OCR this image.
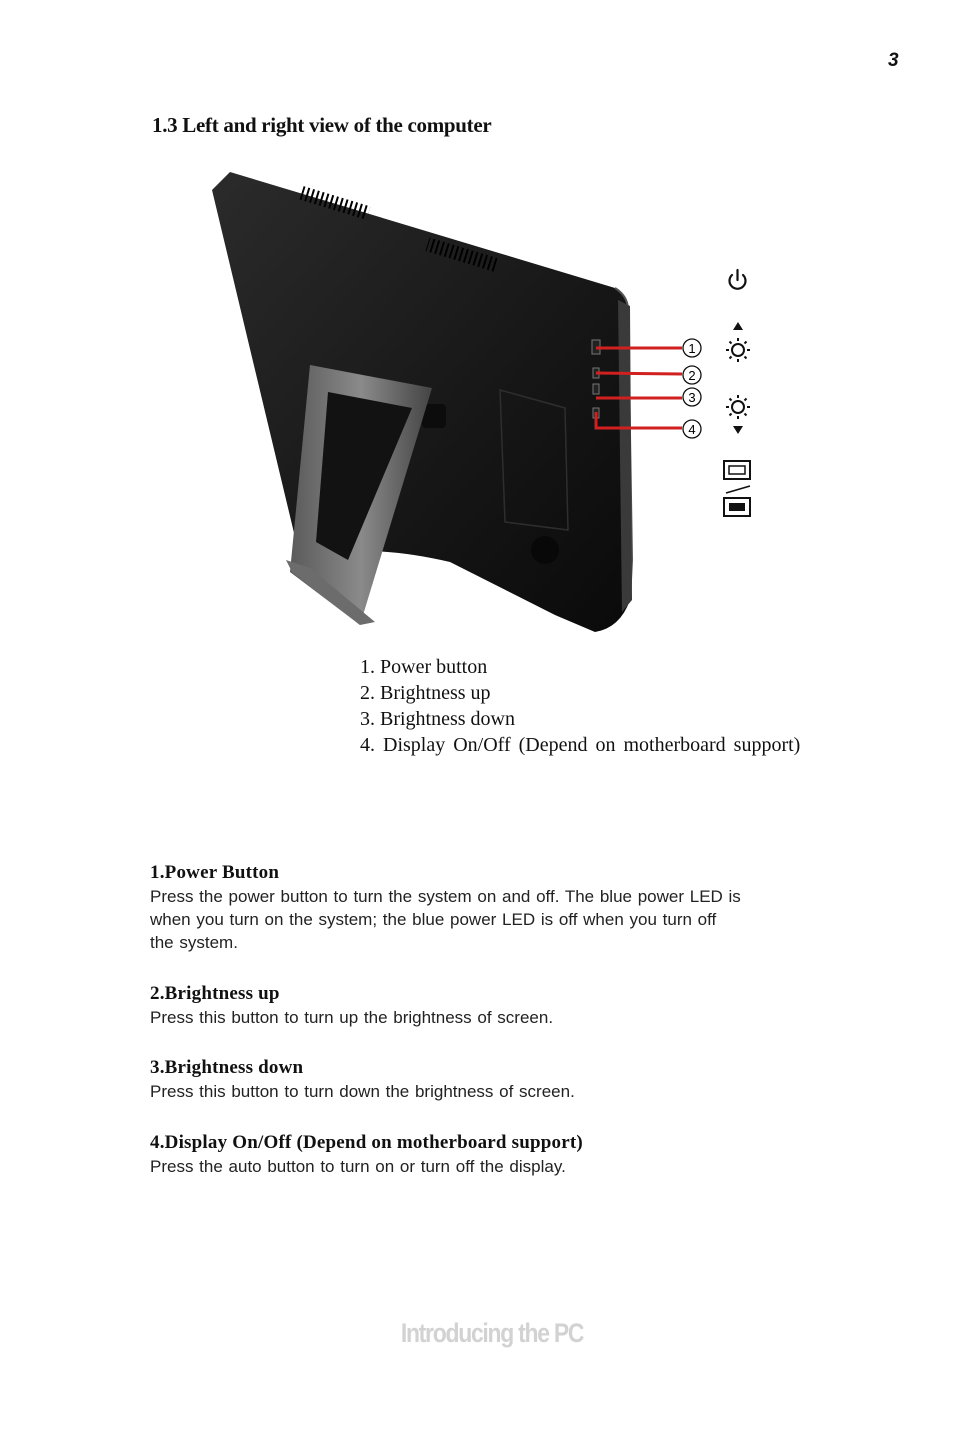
3
1.3 Left and right view of the computer
1
2
3
4
1. Power button
2. Brightness up
3. Brightness down
4. Display On/Off (Depend on motherboard support)
1.Power Button

Press the power button to turn the system on and off. The blue power LED is

when you turn on the system; the blue power LED is off when you turn off

the system.

2.Brightness up

Press this button to turn up the brightness of screen.

3.Brightness down

Press this button to turn down the brightness of screen.

4.Display On/Off (Depend on motherboard support)

Press the auto button to turn on or turn off the display.

Introducing the PC
